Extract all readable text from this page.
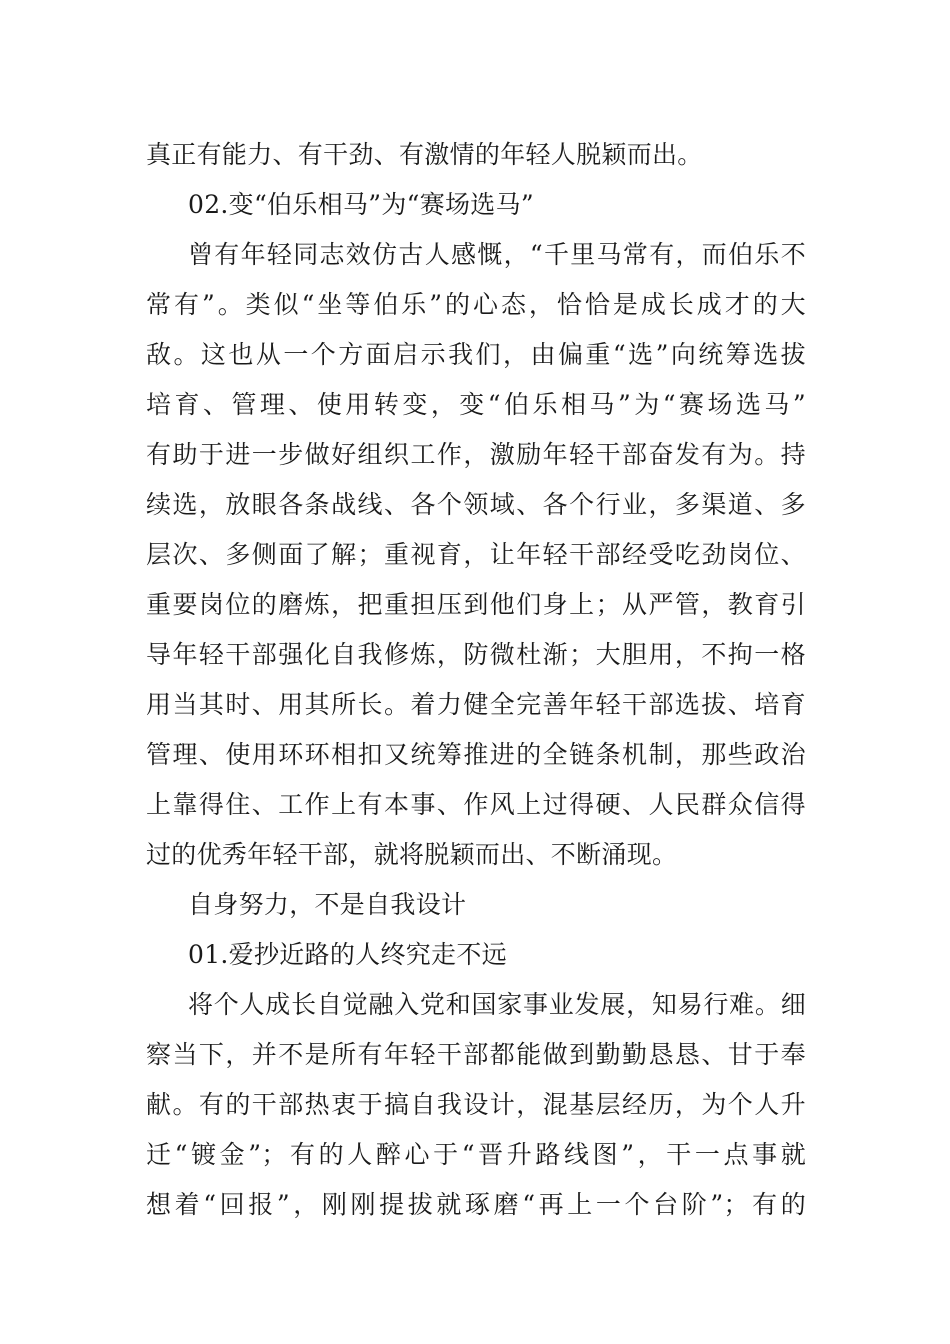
真正有能力、有干劲、有激情的年轻人脱颖而出。
02.变“伯乐相马”为“赛场选马”
曾有年轻同志效仿古人感慨，“千里马常有，而伯乐不
常有”。类似“坐等伯乐”的心态，恰恰是成长成才的大
敌。这也从一个方面启示我们，由偏重“选”向统筹选拔
培育、管理、使用转变，变“伯乐相马”为“赛场选马”
有助于进一步做好组织工作，激励年轻干部奋发有为。持
续选，放眼各条战线、各个领域、各个行业，多渠道、多
层次、多侧面了解；重视育，让年轻干部经受吃劲岗位、
重要岗位的磨炼，把重担压到他们身上；从严管，教育引
导年轻干部强化自我修炼，防微杜渐；大胆用，不拘一格
用当其时、用其所长。着力健全完善年轻干部选拔、培育
管理、使用环环相扣又统筹推进的全链条机制，那些政治
上靠得住、工作上有本事、作风上过得硬、人民群众信得
过的优秀年轻干部，就将脱颖而出、不断涌现。
自身努力，不是自我设计
01.爱抄近路的人终究走不远
将个人成长自觉融入党和国家事业发展，知易行难。细
察当下，并不是所有年轻干部都能做到勤勤恳恳、甘于奉
献。有的干部热衷于搞自我设计，混基层经历，为个人升
迁“镀金”；有的人醉心于“晋升路线图”，干一点事就
想着“回报”，刚刚提拔就琢磨“再上一个台阶”；有的
